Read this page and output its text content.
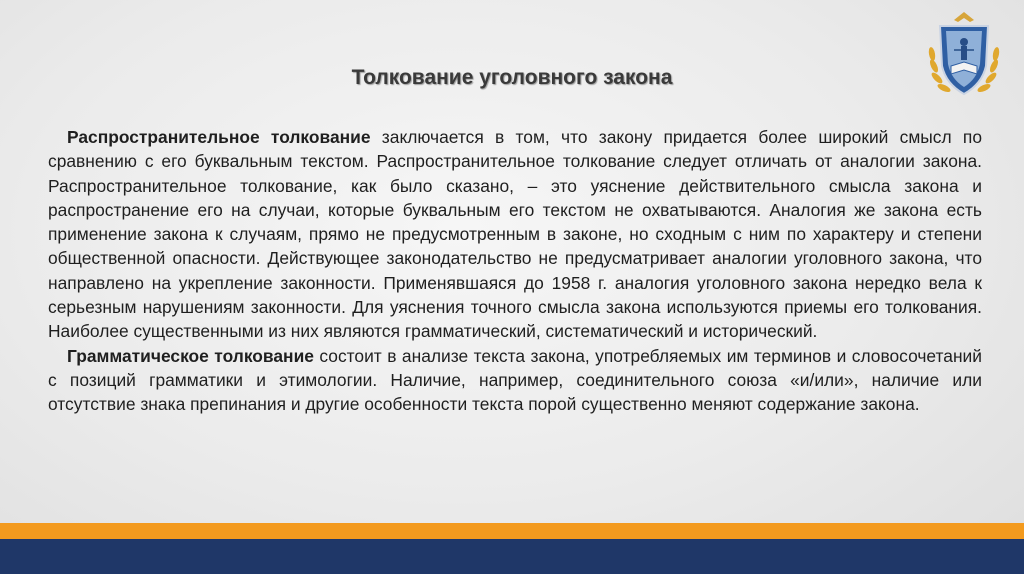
Толкование уголовного закона

Распространительное толкование заключается в том, что закону придается более широкий смысл по сравнению с его буквальным текстом. Распространительное толкование следует отличать от аналогии закона. Распространительное толкование, как было сказано, – это уяснение действительного смысла закона и распространение его на случаи, которые буквальным его текстом не охватываются. Аналогия же закона есть применение закона к случаям, прямо не предусмотренным в законе, но сходным с ним по характеру и степени общественной опасности. Действующее законодательство не предусматривает аналогии уголовного закона, что направлено на укрепление законности. Применявшаяся до 1958 г. аналогия уголовного закона нередко вела к серьезным нарушениям законности. Для уяснения точного смысла закона используются приемы его толкования. Наиболее существенными из них являются грамматический, систематический и исторический.

Грамматическое толкование состоит в анализе текста закона, употребляемых им терминов и словосочетаний с позиций грамматики и этимологии. Наличие, например, соединительного союза «и/или», наличие или отсутствие знака препинания и другие особенности текста порой существенно меняют содержание закона.
